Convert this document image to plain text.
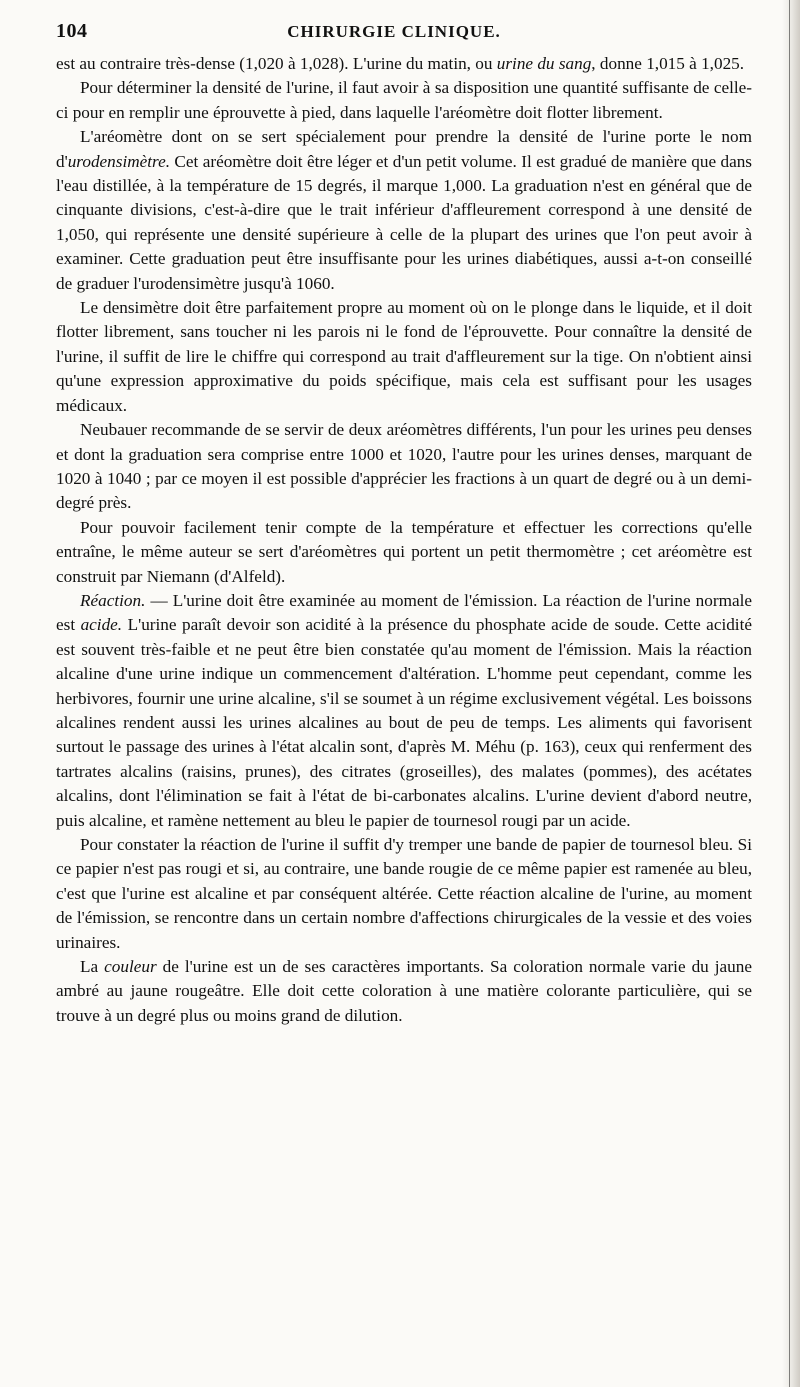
104	CHIRURGIE CLINIQUE.

est au contraire très-dense (1,020 à 1,028). L'urine du matin, ou urine du sang, donne 1,015 à 1,025.

Pour déterminer la densité de l'urine, il faut avoir à sa disposition une quantité suffisante de celle-ci pour en remplir une éprouvette à pied, dans laquelle l'aréomètre doit flotter librement.

L'aréomètre dont on se sert spécialement pour prendre la densité de l'urine porte le nom d'urodensimètre. Cet aréomètre doit être léger et d'un petit volume. Il est gradué de manière que dans l'eau distillée, à la température de 15 degrés, il marque 1,000. La graduation n'est en général que de cinquante divisions, c'est-à-dire que le trait inférieur d'affleurement correspond à une densité de 1,050, qui représente une densité supérieure à celle de la plupart des urines que l'on peut avoir à examiner. Cette graduation peut être insuffisante pour les urines diabétiques, aussi a-t-on conseillé de graduer l'urodensimètre jusqu'à 1060.

Le densimètre doit être parfaitement propre au moment où on le plonge dans le liquide, et il doit flotter librement, sans toucher ni les parois ni le fond de l'éprouvette. Pour connaître la densité de l'urine, il suffit de lire le chiffre qui correspond au trait d'affleurement sur la tige. On n'obtient ainsi qu'une expression approximative du poids spécifique, mais cela est suffisant pour les usages médicaux.

Neubauer recommande de se servir de deux aréomètres différents, l'un pour les urines peu denses et dont la graduation sera comprise entre 1000 et 1020, l'autre pour les urines denses, marquant de 1020 à 1040 ; par ce moyen il est possible d'apprécier les fractions à un quart de degré ou à un demi-degré près.

Pour pouvoir facilement tenir compte de la température et effectuer les corrections qu'elle entraîne, le même auteur se sert d'aréomètres qui portent un petit thermomètre ; cet aréomètre est construit par Niemann (d'Alfeld).

Réaction. — L'urine doit être examinée au moment de l'émission. La réaction de l'urine normale est acide. L'urine paraît devoir son acidité à la présence du phosphate acide de soude. Cette acidité est souvent très-faible et ne peut être bien constatée qu'au moment de l'émission. Mais la réaction alcaline d'une urine indique un commencement d'altération. L'homme peut cependant, comme les herbivores, fournir une urine alcaline, s'il se soumet à un régime exclusivement végétal. Les boissons alcalines rendent aussi les urines alcalines au bout de peu de temps. Les aliments qui favorisent surtout le passage des urines à l'état alcalin sont, d'après M. Méhu (p. 163), ceux qui renferment des tartrates alcalins (raisins, prunes), des citrates (groseilles), des malates (pommes), des acétates alcalins, dont l'élimination se fait à l'état de bi-carbonates alcalins. L'urine devient d'abord neutre, puis alcaline, et ramène nettement au bleu le papier de tournesol rougi par un acide.

Pour constater la réaction de l'urine il suffit d'y tremper une bande de papier de tournesol bleu. Si ce papier n'est pas rougi et si, au contraire, une bande rougie de ce même papier est ramenée au bleu, c'est que l'urine est alcaline et par conséquent altérée. Cette réaction alcaline de l'urine, au moment de l'émission, se rencontre dans un certain nombre d'affections chirurgicales de la vessie et des voies urinaires.

La couleur de l'urine est un de ses caractères importants. Sa coloration normale varie du jaune ambré au jaune rougeâtre. Elle doit cette coloration à une matière colorante particulière, qui se trouve à un degré plus ou moins grand de dilution.
